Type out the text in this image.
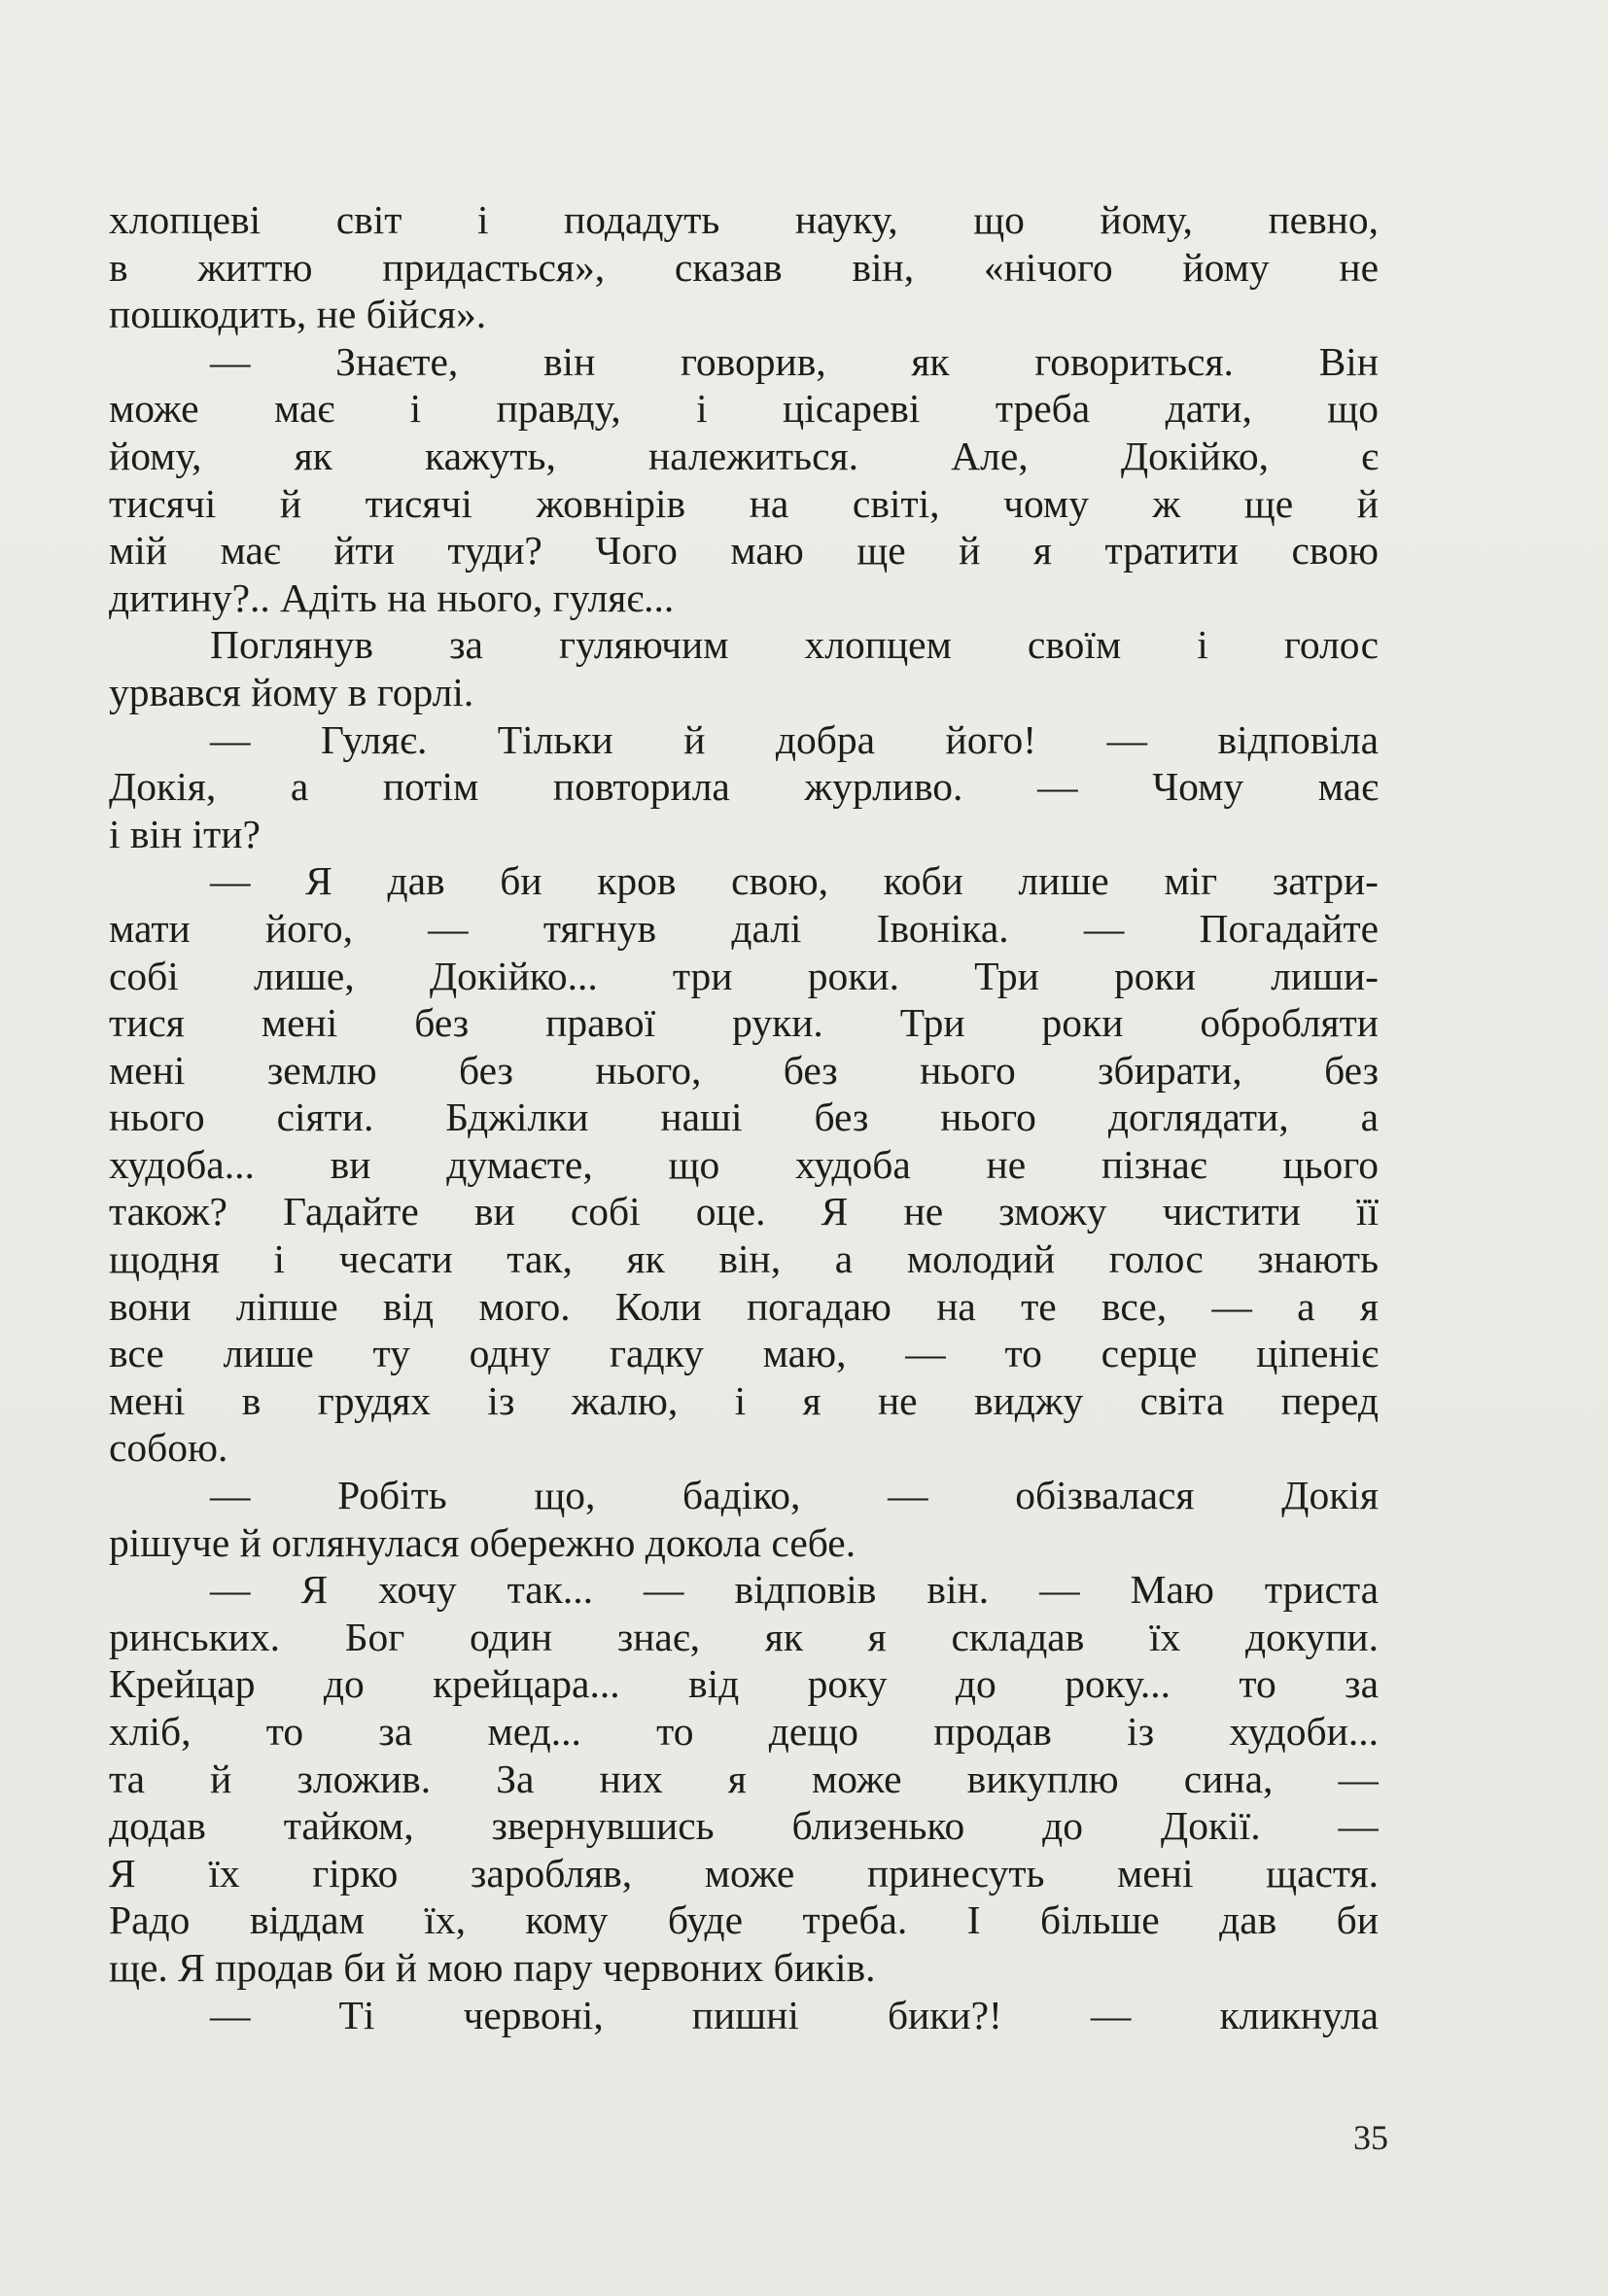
хлопцеві світ і подадуть науку, що йому, певно,
в життю придасться», сказав він, «нічого йому не
пошкодить, не бійся».
— Знаєте, він говорив, як говориться. Він
може має і правду, і цісареві треба дати, що
йому, як кажуть, належиться. Але, Докійко, є
тисячі й тисячі жовнірів на світі, чому ж ще й
мій має йти туди? Чого маю ще й я тратити свою
дитину?.. Адіть на нього, гуляє...
Поглянув за гуляючим хлопцем своїм і голос
урвався йому в горлі.
— Гуляє. Тільки й добра його! — відповіла
Докія, а потім повторила журливо. — Чому має
і він іти?
— Я дав би кров свою, коби лише міг затри-
мати його, — тягнув далі Івоніка. — Погадайте
собі лише, Докійко... три роки. Три роки лиши-
тися мені без правої руки. Три роки обробляти
мені землю без нього, без нього збирати, без
нього сіяти. Бджілки наші без нього доглядати, а
худоба... ви думаєте, що худоба не пізнає цього
також? Гадайте ви собі оце. Я не зможу чистити її
щодня і чесати так, як він, а молодий голос знають
вони ліпше від мого. Коли погадаю на те все, — а я
все лише ту одну гадку маю, — то серце ціпеніє
мені в грудях із жалю, і я не виджу світа перед
собою.
— Робіть що, бадіко, — обізвалася Докія
рішуче й оглянулася обережно докола себе.
— Я хочу так... — відповів він. — Маю триста
ринських. Бог один знає, як я складав їх докупи.
Крейцар до крейцара... від року до року... то за
хліб, то за мед... то дещо продав із худоби...
та й зложив. За них я може викуплю сина, —
додав тайком, звернувшись близенько до Докії. —
Я їх гірко заробляв, може принесуть мені щастя.
Радо віддам їх, кому буде треба. І більше дав би
ще. Я продав би й мою пару червоних биків.
— Ті червоні, пишні бики?! — кликнула
35
